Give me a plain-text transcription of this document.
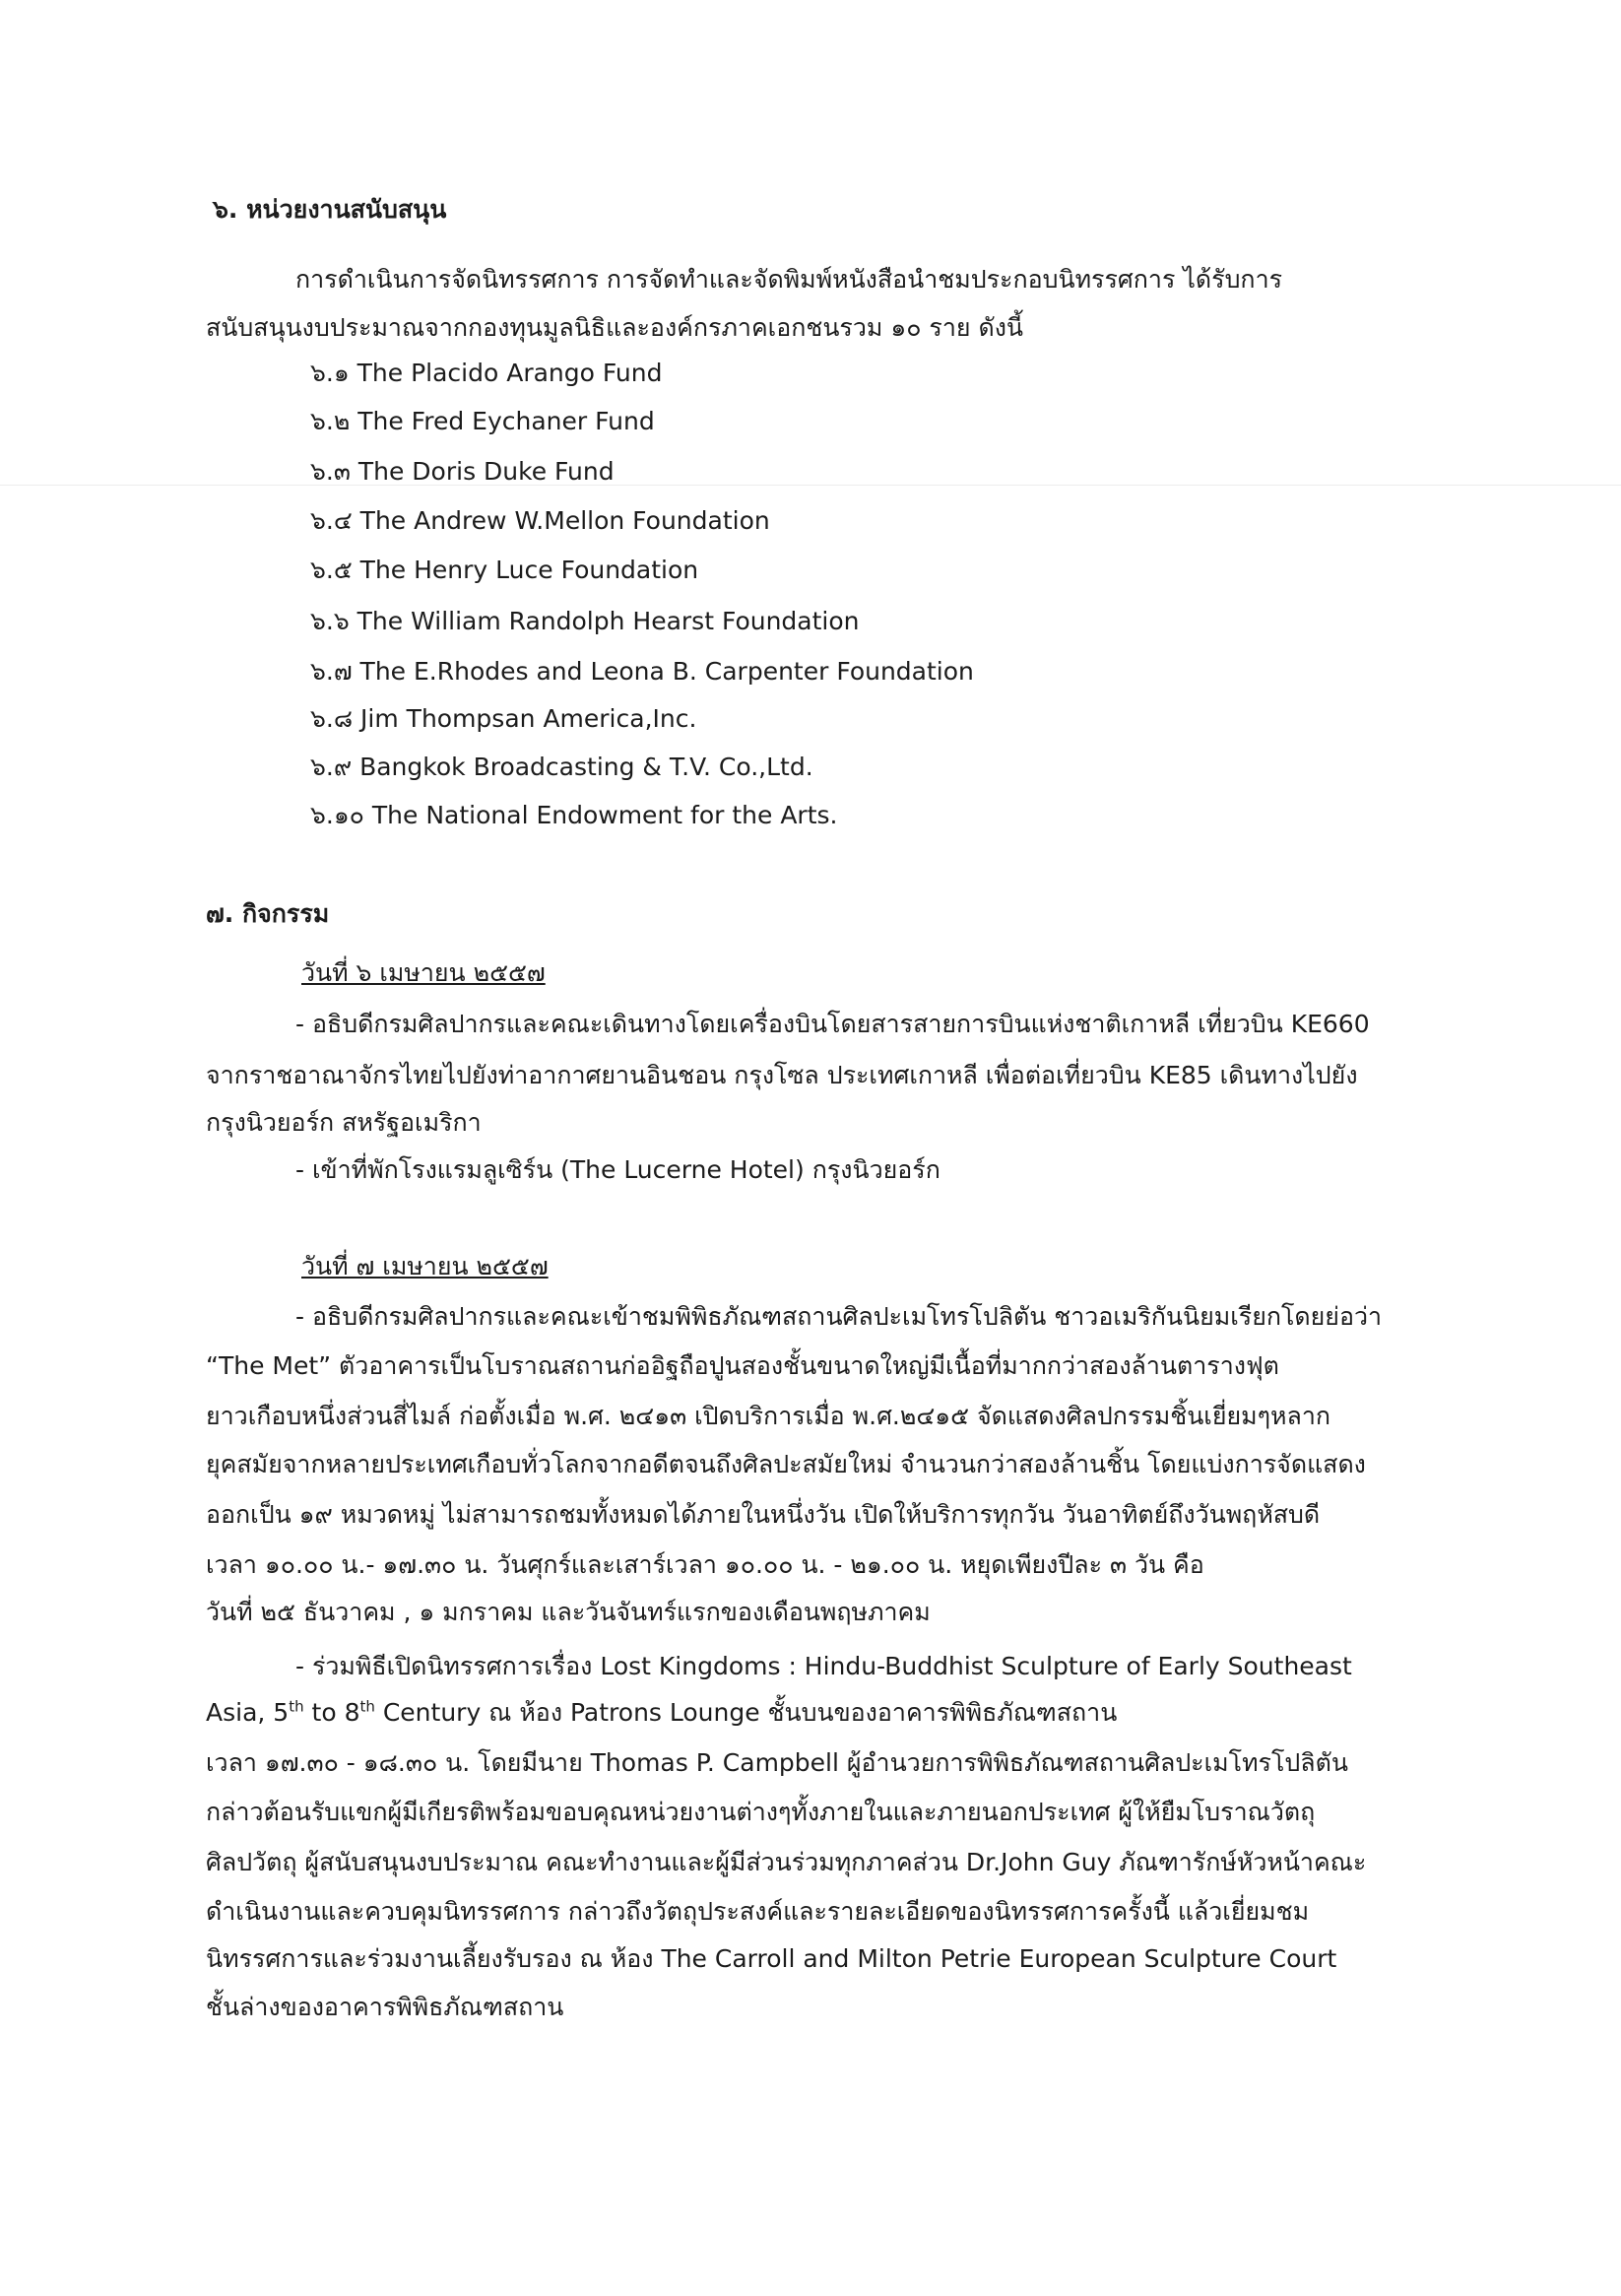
๖. หน่วยงานสนับสนุน
การดำเนินการจัดนิทรรศการ การจัดทำและจัดพิมพ์หนังสือนำชมประกอบนิทรรศการ ได้รับการ
สนับสนุนงบประมาณจากกองทุนมูลนิธิและองค์กรภาคเอกชนรวม ๑๐ ราย ดังนี้
๖.๑ The Placido Arango Fund
๖.๒ The Fred Eychaner Fund
๖.๓ The Doris Duke Fund
๖.๔ The Andrew W.Mellon Foundation
๖.๕ The Henry Luce Foundation
๖.๖ The William Randolph Hearst Foundation
๖.๗ The E.Rhodes and Leona B. Carpenter Foundation
๖.๘ Jim Thompsan America,Inc.
๖.๙ Bangkok Broadcasting & T.V. Co.,Ltd.
๖.๑๐ The National Endowment for the Arts.
๗. กิจกรรม
วันที่ ๖ เมษายน ๒๕๕๗
- อธิบดีกรมศิลปากรและคณะเดินทางโดยเครื่องบินโดยสารสายการบินแห่งชาติเกาหลี เที่ยวบิน KE660
จากราชอาณาจักรไทยไปยังท่าอากาศยานอินชอน กรุงโซล ประเทศเกาหลี เพื่อต่อเที่ยวบิน KE85 เดินทางไปยัง
กรุงนิวยอร์ก สหรัฐอเมริกา
- เข้าที่พักโรงแรมลูเซิร์น (The Lucerne Hotel) กรุงนิวยอร์ก
วันที่ ๗ เมษายน ๒๕๕๗
- อธิบดีกรมศิลปากรและคณะเข้าชมพิพิธภัณฑสถานศิลปะเมโทรโปลิตัน ชาวอเมริกันนิยมเรียกโดยย่อว่า
“The Met” ตัวอาคารเป็นโบราณสถานก่ออิฐถือปูนสองชั้นขนาดใหญ่มีเนื้อที่มากกว่าสองล้านตารางฟุต
ยาวเกือบหนึ่งส่วนสี่ไมล์ ก่อตั้งเมื่อ พ.ศ. ๒๔๑๓ เปิดบริการเมื่อ พ.ศ.๒๔๑๕ จัดแสดงศิลปกรรมชิ้นเยี่ยมๆหลาก
ยุคสมัยจากหลายประเทศเกือบทั่วโลกจากอดีตจนถึงศิลปะสมัยใหม่ จำนวนกว่าสองล้านชิ้น โดยแบ่งการจัดแสดง
ออกเป็น ๑๙ หมวดหมู่ ไม่สามารถชมทั้งหมดได้ภายในหนึ่งวัน เปิดให้บริการทุกวัน วันอาทิตย์ถึงวันพฤหัสบดี
เวลา ๑๐.๐๐ น.- ๑๗.๓๐ น. วันศุกร์และเสาร์เวลา ๑๐.๐๐ น. - ๒๑.๐๐ น. หยุดเพียงปีละ ๓ วัน คือ
วันที่ ๒๕ ธันวาคม , ๑ มกราคม และวันจันทร์แรกของเดือนพฤษภาคม
- ร่วมพิธีเปิดนิทรรศการเรื่อง Lost Kingdoms : Hindu-Buddhist Sculpture of Early Southeast
Asia, 5th to 8th Century ณ ห้อง Patrons Lounge ชั้นบนของอาคารพิพิธภัณฑสถาน
เวลา ๑๗.๓๐ - ๑๘.๓๐ น. โดยมีนาย Thomas P. Campbell ผู้อำนวยการพิพิธภัณฑสถานศิลปะเมโทรโปลิตัน
กล่าวต้อนรับแขกผู้มีเกียรติพร้อมขอบคุณหน่วยงานต่างๆทั้งภายในและภายนอกประเทศ ผู้ให้ยืมโบราณวัตถุ
ศิลปวัตถุ ผู้สนับสนุนงบประมาณ คณะทำงานและผู้มีส่วนร่วมทุกภาคส่วน Dr.John Guy ภัณฑารักษ์หัวหน้าคณะ
ดำเนินงานและควบคุมนิทรรศการ กล่าวถึงวัตถุประสงค์และรายละเอียดของนิทรรศการครั้งนี้ แล้วเยี่ยมชม
นิทรรศการและร่วมงานเลี้ยงรับรอง ณ ห้อง The Carroll and Milton Petrie European Sculpture Court
ชั้นล่างของอาคารพิพิธภัณฑสถาน
